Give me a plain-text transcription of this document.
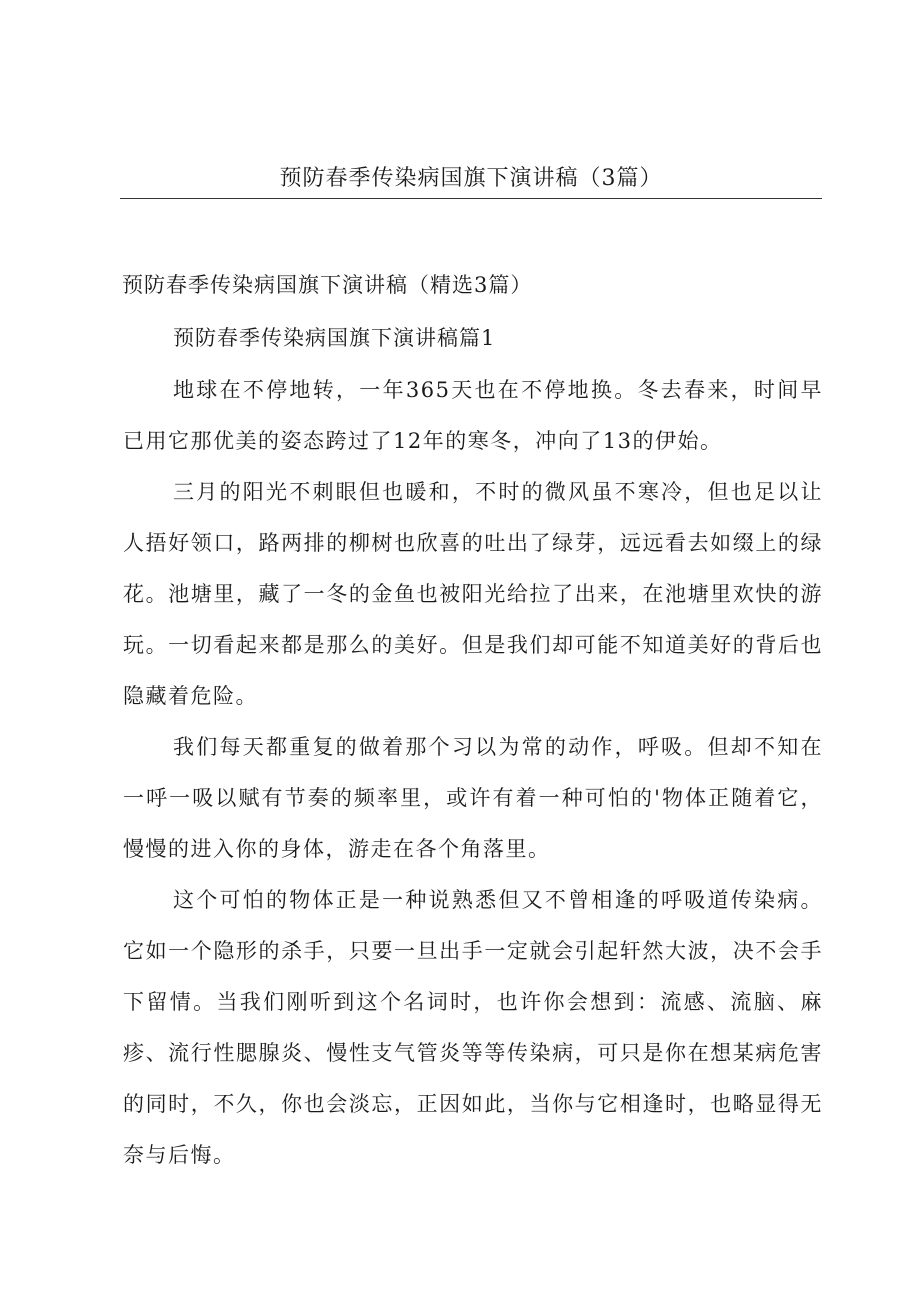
预防春季传染病国旗下演讲稿（3篇）
预防春季传染病国旗下演讲稿（精选3篇）
预防春季传染病国旗下演讲稿篇1

地球在不停地转，一年365天也在不停地换。冬去春来，时间早已用它那优美的姿态跨过了12年的寒冬，冲向了13的伊始。

三月的阳光不刺眼但也暖和，不时的微风虽不寒冷，但也足以让人捂好领口，路两排的柳树也欣喜的吐出了绿芽，远远看去如缀上的绿花。池塘里，藏了一冬的金鱼也被阳光给拉了出来，在池塘里欢快的游玩。一切看起来都是那么的美好。但是我们却可能不知道美好的背后也隐藏着危险。

我们每天都重复的做着那个习以为常的动作，呼吸。但却不知在一呼一吸以赋有节奏的频率里，或许有着一种可怕的'物体正随着它，慢慢的进入你的身体，游走在各个角落里。

这个可怕的物体正是一种说熟悉但又不曾相逢的呼吸道传染病。它如一个隐形的杀手，只要一旦出手一定就会引起轩然大波，决不会手下留情。当我们刚听到这个名词时，也许你会想到：流感、流脑、麻疹、流行性腮腺炎、慢性支气管炎等等传染病，可只是你在想某病危害的同时，不久，你也会淡忘，正因如此，当你与它相逢时，也略显得无奈与后悔。
